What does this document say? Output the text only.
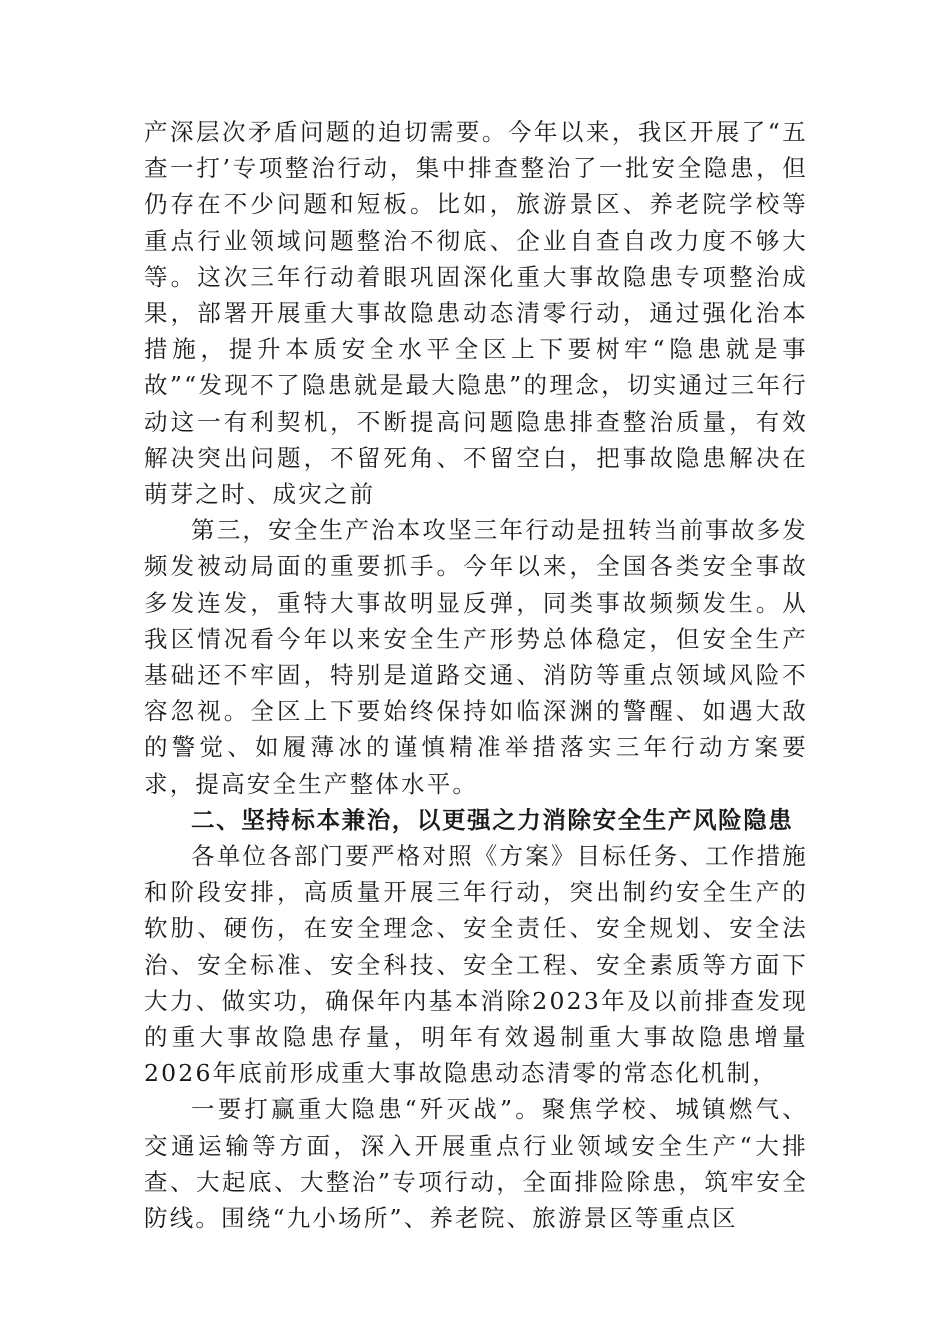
产深层次矛盾问题的迫切需要。今年以来，我区开展了“五查一打’专项整治行动，集中排查整治了一批安全隐患，但仍存在不少问题和短板。比如，旅游景区、养老院学校等重点行业领域问题整治不彻底、企业自查自改力度不够大等。这次三年行动着眼巩固深化重大事故隐患专项整治成果，部署开展重大事故隐患动态清零行动，通过强化治本措施，提升本质安全水平全区上下要树牢“隐患就是事故”“发现不了隐患就是最大隐患”的理念，切实通过三年行动这一有利契机，不断提高问题隐患排查整治质量，有效解决突出问题，不留死角、不留空白，把事故隐患解决在萌芽之时、成灾之前

第三，安全生产治本攻坚三年行动是扭转当前事故多发频发被动局面的重要抓手。今年以来，全国各类安全事故多发连发，重特大事故明显反弹，同类事故频频发生。从我区情况看今年以来安全生产形势总体稳定，但安全生产基础还不牢固，特别是道路交通、消防等重点领域风险不容忽视。全区上下要始终保持如临深渊的警醒、如遇大敌的警觉、如履薄冰的谨慎精准举措落实三年行动方案要求，提高安全生产整体水平。

二、坚持标本兼治，以更强之力消除安全生产风险隐患

各单位各部门要严格对照《方案》目标任务、工作措施和阶段安排，高质量开展三年行动，突出制约安全生产的软肋、硬伤，在安全理念、安全责任、安全规划、安全法治、安全标准、安全科技、安全工程、安全素质等方面下大力、做实功，确保年内基本消除2023年及以前排查发现的重大事故隐患存量，明年有效遏制重大事故隐患增量2026年底前形成重大事故隐患动态清零的常态化机制，

一要打赢重大隐患“歼灭战”。聚焦学校、城镇燃气、交通运输等方面，深入开展重点行业领域安全生产“大排查、大起底、大整治”专项行动，全面排险除患，筑牢安全防线。围绕“九小场所”、养老院、旅游景区等重点区
